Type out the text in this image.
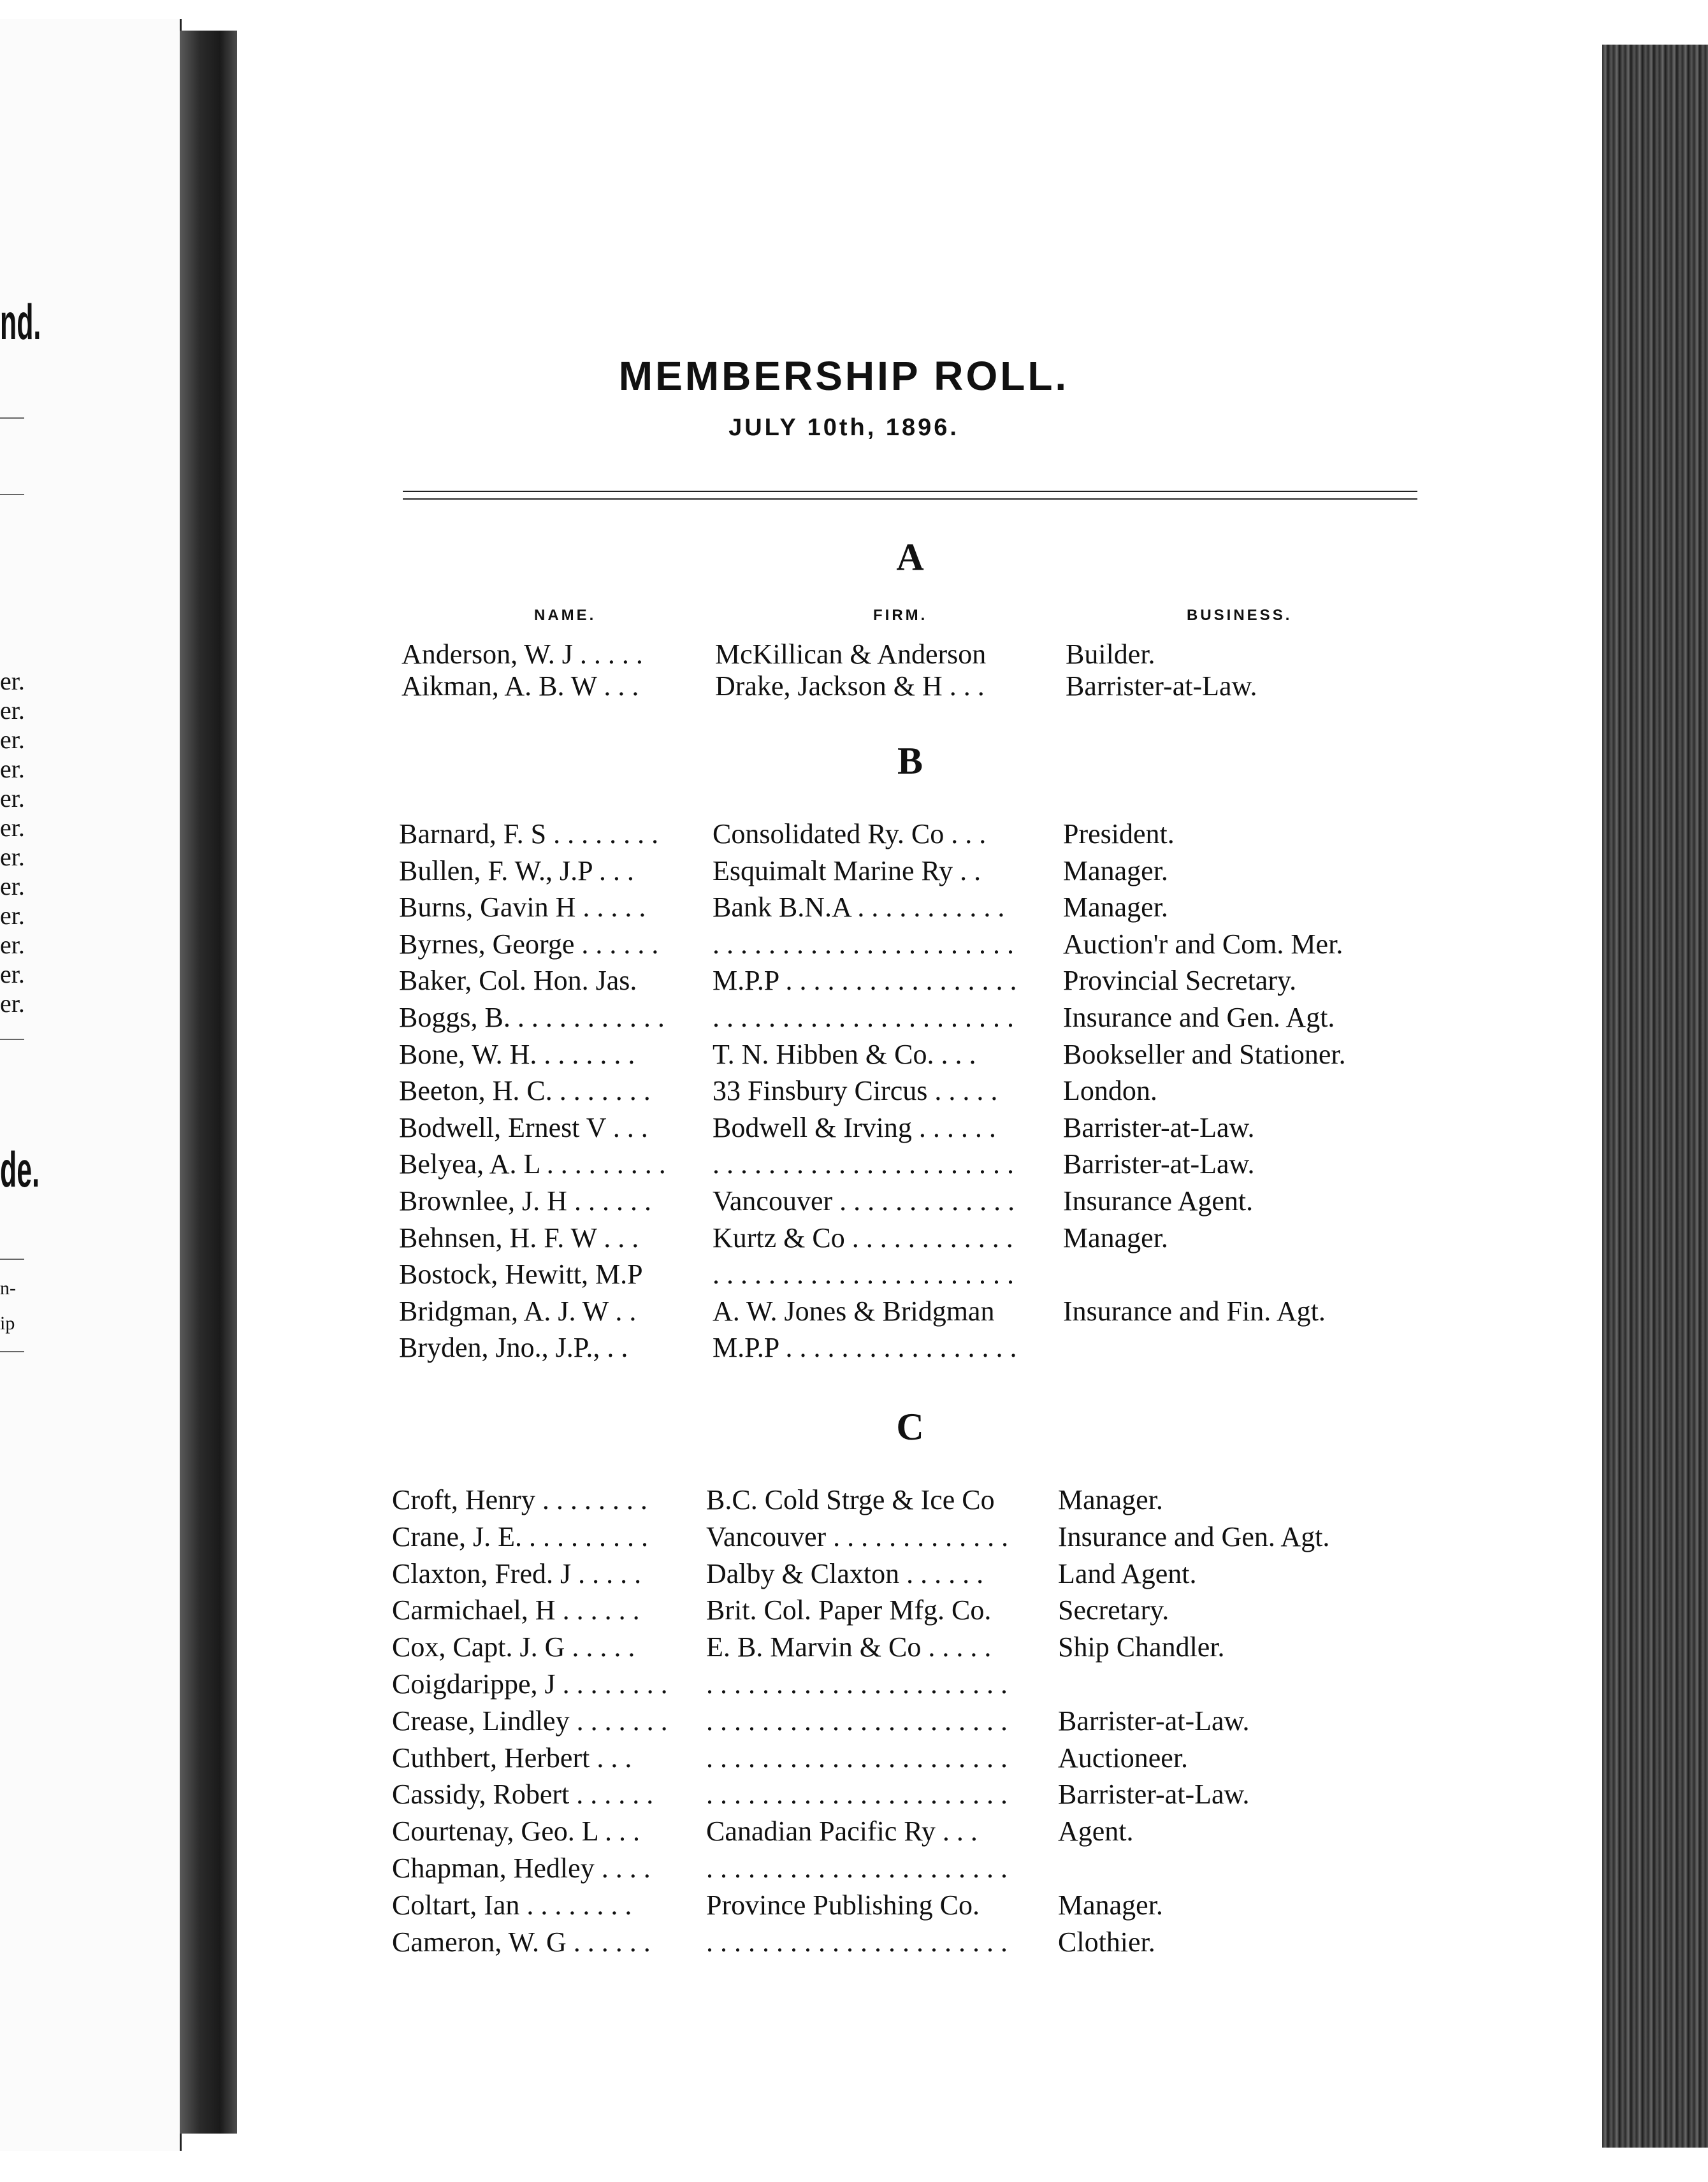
nd.
er.
er.
er.
er.
er.
er.
er.
er.
er.
er.
er.
er.
de.
n-
ip
MEMBERSHIP ROLL.
JULY 10th, 1896.
NAME.	FIRM.	BUSINESS.
A
Anderson, W. J . . . . .	McKillican & Anderson	Builder.
Aikman, A. B. W . . .	Drake, Jackson & H . . .	Barrister-at-Law.
B
Barnard, F. S . . . . . . . .	Consolidated Ry. Co . . .	President.
Bullen, F. W., J.P . . .	Esquimalt Marine Ry . .	Manager.
Burns, Gavin H . . . . .	Bank B.N.A . . . . . . . . . . .	Manager.
Byrnes, George . . . . . .	. . . . . . . . . . . . . . . . . . . . . .	Auction'r and Com. Mer.
Baker, Col. Hon. Jas.	M.P.P . . . . . . . . . . . . . . . . .	Provincial Secretary.
Boggs, B. . . . . . . . . . . .	. . . . . . . . . . . . . . . . . . . . . .	Insurance and Gen. Agt.
Bone, W. H. . . . . . . .	T. N. Hibben & Co. . . .	Bookseller and Stationer.
Beeton, H. C. . . . . . . .	33 Finsbury Circus . . . . .	London.
Bodwell, Ernest V . . .	Bodwell & Irving . . . . . .	Barrister-at-Law.
Belyea, A. L . . . . . . . . .	. . . . . . . . . . . . . . . . . . . . . .	Barrister-at-Law.
Brownlee, J. H . . . . . .	Vancouver . . . . . . . . . . . . .	Insurance Agent.
Behnsen, H. F. W . . .	Kurtz & Co . . . . . . . . . . . .	Manager.
Bostock, Hewitt, M.P	. . . . . . . . . . . . . . . . . . . . . .
Bridgman, A. J. W . .	A. W. Jones & Bridgman	Insurance and Fin. Agt.
Bryden, Jno., J.P., . .	M.P.P . . . . . . . . . . . . . . . . .
C
Croft, Henry . . . . . . . .	B.C. Cold Strge & Ice Co	Manager.
Crane, J. E. . . . . . . . . .	Vancouver . . . . . . . . . . . . .	Insurance and Gen. Agt.
Claxton, Fred. J . . . . .	Dalby & Claxton . . . . . .	Land Agent.
Carmichael, H . . . . . .	Brit. Col. Paper Mfg. Co.	Secretary.
Cox, Capt. J. G . . . . .	E. B. Marvin & Co . . . . .	Ship Chandler.
Coigdarippe, J . . . . . . . .	. . . . . . . . . . . . . . . . . . . . . .
Crease, Lindley . . . . . . .	. . . . . . . . . . . . . . . . . . . . . .	Barrister-at-Law.
Cuthbert, Herbert . . .	. . . . . . . . . . . . . . . . . . . . . .	Auctioneer.
Cassidy, Robert . . . . . .	. . . . . . . . . . . . . . . . . . . . . .	Barrister-at-Law.
Courtenay, Geo. L . . .	Canadian Pacific Ry . . .	Agent.
Chapman, Hedley . . . .	. . . . . . . . . . . . . . . . . . . . . .
Coltart, Ian . . . . . . . .	Province Publishing Co.	Manager.
Cameron, W. G . . . . . .	. . . . . . . . . . . . . . . . . . . . . .	Clothier.
